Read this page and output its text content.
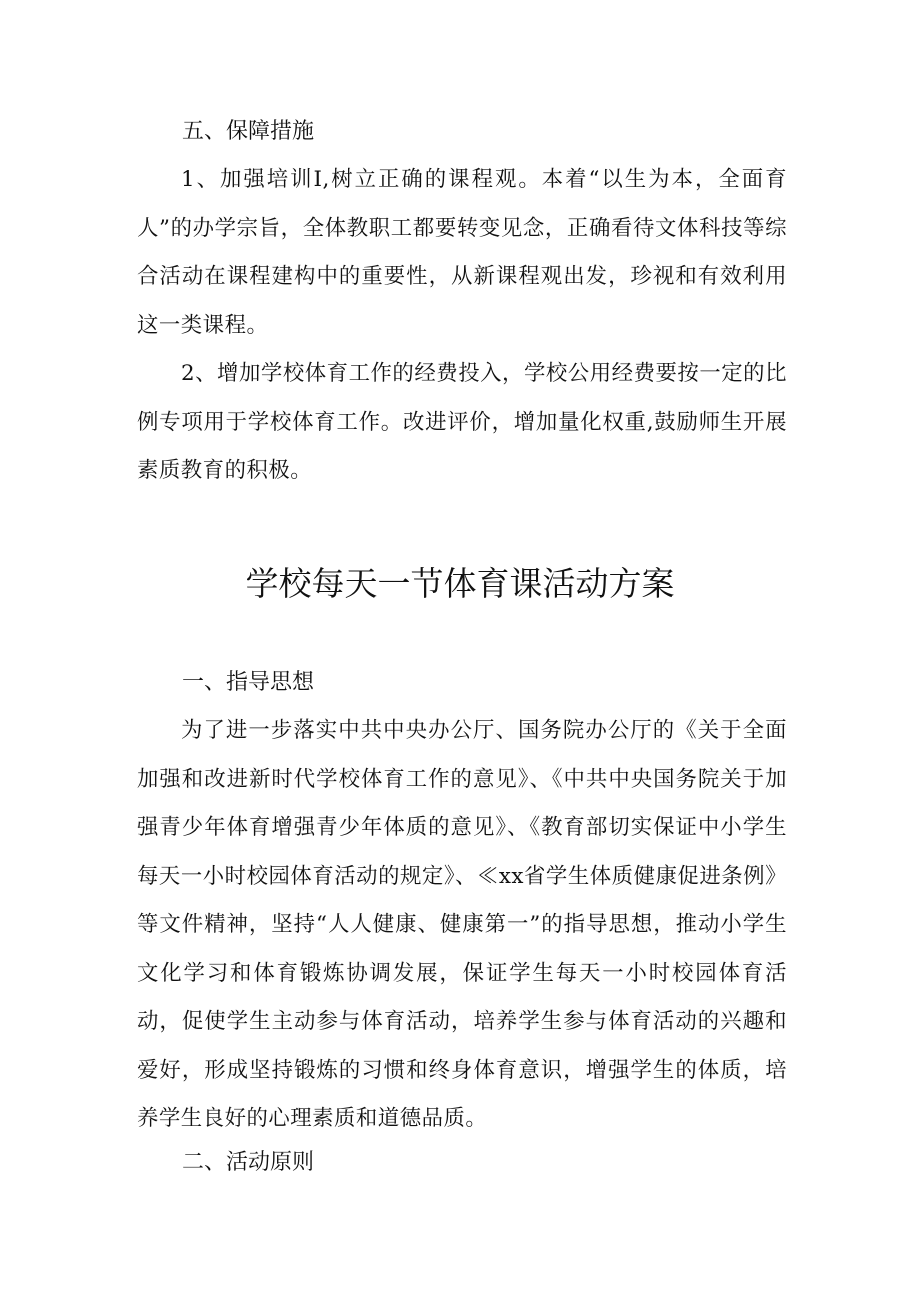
五、保障措施

1、加强培训I,树立正确的课程观。本着“以生为本，全面育人”的办学宗旨，全体教职工都要转变见念，正确看待文体科技等综合活动在课程建构中的重要性，从新课程观出发，珍视和有效利用这一类课程。

2、增加学校体育工作的经费投入，学校公用经费要按一定的比例专项用于学校体育工作。改进评价，增加量化权重,鼓励师生开展素质教育的积极。

学校每天一节体育课活动方案
一、指导思想

为了进一步落实中共中央办公厅、国务院办公厅的《关于全面加强和改进新时代学校体育工作的意见》、《中共中央国务院关于加强青少年体育增强青少年体质的意见》、《教育部切实保证中小学生每天一小时校园体育活动的规定》、≪xx省学生体质健康促进条例》等文件精神，坚持“人人健康、健康第一”的指导思想，推动小学生文化学习和体育锻炼协调发展，保证学生每天一小时校园体育活动，促使学生主动参与体育活动，培养学生参与体育活动的兴趣和爱好，形成坚持锻炼的习惯和终身体育意识，增强学生的体质，培养学生良好的心理素质和道德品质。

二、活动原则
